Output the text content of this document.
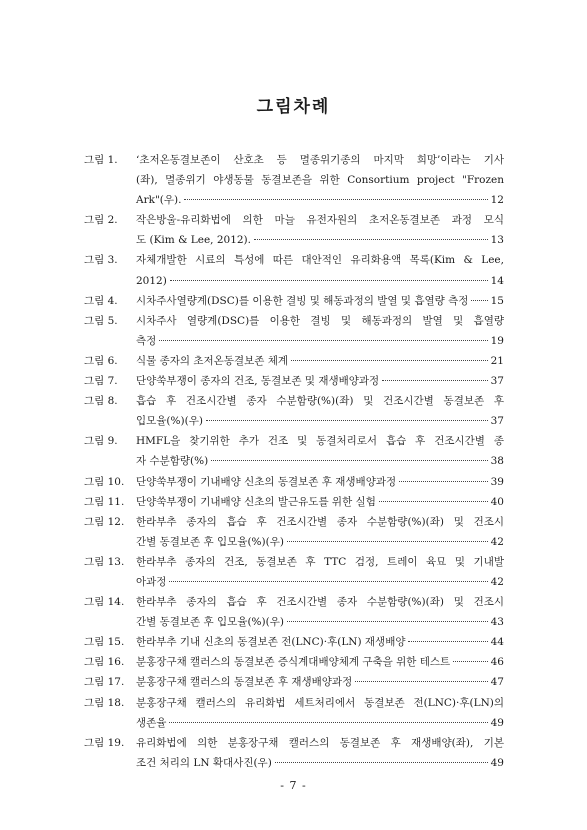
그림차례
그림 1.	‘초저온동결보존이 산호초 등 멸종위기종의 마지막 희망’이라는 기사
(좌), 멸종위기 야생동물 동결보존을 위한 Consortium project "Frozen
Ark"(우).	12
그림 2.	작은방울-유리화법에 의한 마늘 유전자원의 초저온동결보존 과정 모식
도 (Kim & Lee, 2012).	13
그림 3.	자체개발한 시료의 특성에 따른 대안적인 유리화용액 목록(Kim & Lee,
2012)	14
그림 4.	시차주사열량계(DSC)를 이용한 결빙 및 해동과정의 발열 및 흡열량 측정 15
그림 5.	시차주사 열량계(DSC)를 이용한 결빙 및 해동과정의 발열 및 흡열량
측정	19
그림 6.	식물 종자의 초저온동결보존 체계	21
그림 7.	단양쑥부쟁이 종자의 건조, 동결보존 및 재생배양과정	37
그림 8.	흡습 후 건조시간별 종자 수분함량(%)(좌) 및 건조시간별 동결보존 후
입모율(%)(우)	37
그림 9.	HMFL을 찾기위한 추가 건조 및 동결처리로서 흡습 후 건조시간별 종
자 수분함량(%)	38
그림 10.	단양쑥부쟁이 기내배양 신초의 동결보존 후 재생배양과정	39
그림 11.	단양쑥부쟁이 기내배양 신초의 발근유도를 위한 실험	40
그림 12.	한라부추 종자의 흡습 후 건조시간별 종자 수분함량(%)(좌) 및 건조시
간별 동결보존 후 입모율(%)(우)	42
그림 13.	한라부추 종자의 건조, 동결보존 후 TTC 검정, 트레이 육묘 및 기내발
아과정	42
그림 14.	한라부추 종자의 흡습 후 건조시간별 종자 수분함량(%)(좌) 및 건조시
간별 동결보존 후 입모율(%)(우)	43
그림 15.	한라부추 기내 신초의 동결보존 전(LNC)·후(LN) 재생배양	44
그림 16.	분홍장구채 캘러스의 동결보존 증식계대배양체계 구축을 위한 테스트	46
그림 17.	분홍장구채 캘러스의 동결보존 후 재생배양과정	47
그림 18.	분홍장구채 캘러스의 유리화법 세트처리에서 동결보존 전(LNC)·후(LN)의
생존율	49
그림 19.	유리화법에 의한 분홍장구채 캘러스의 동결보존 후 재생배양(좌), 기본
조건 처리의 LN 확대사진(우)	49
- 7 -
